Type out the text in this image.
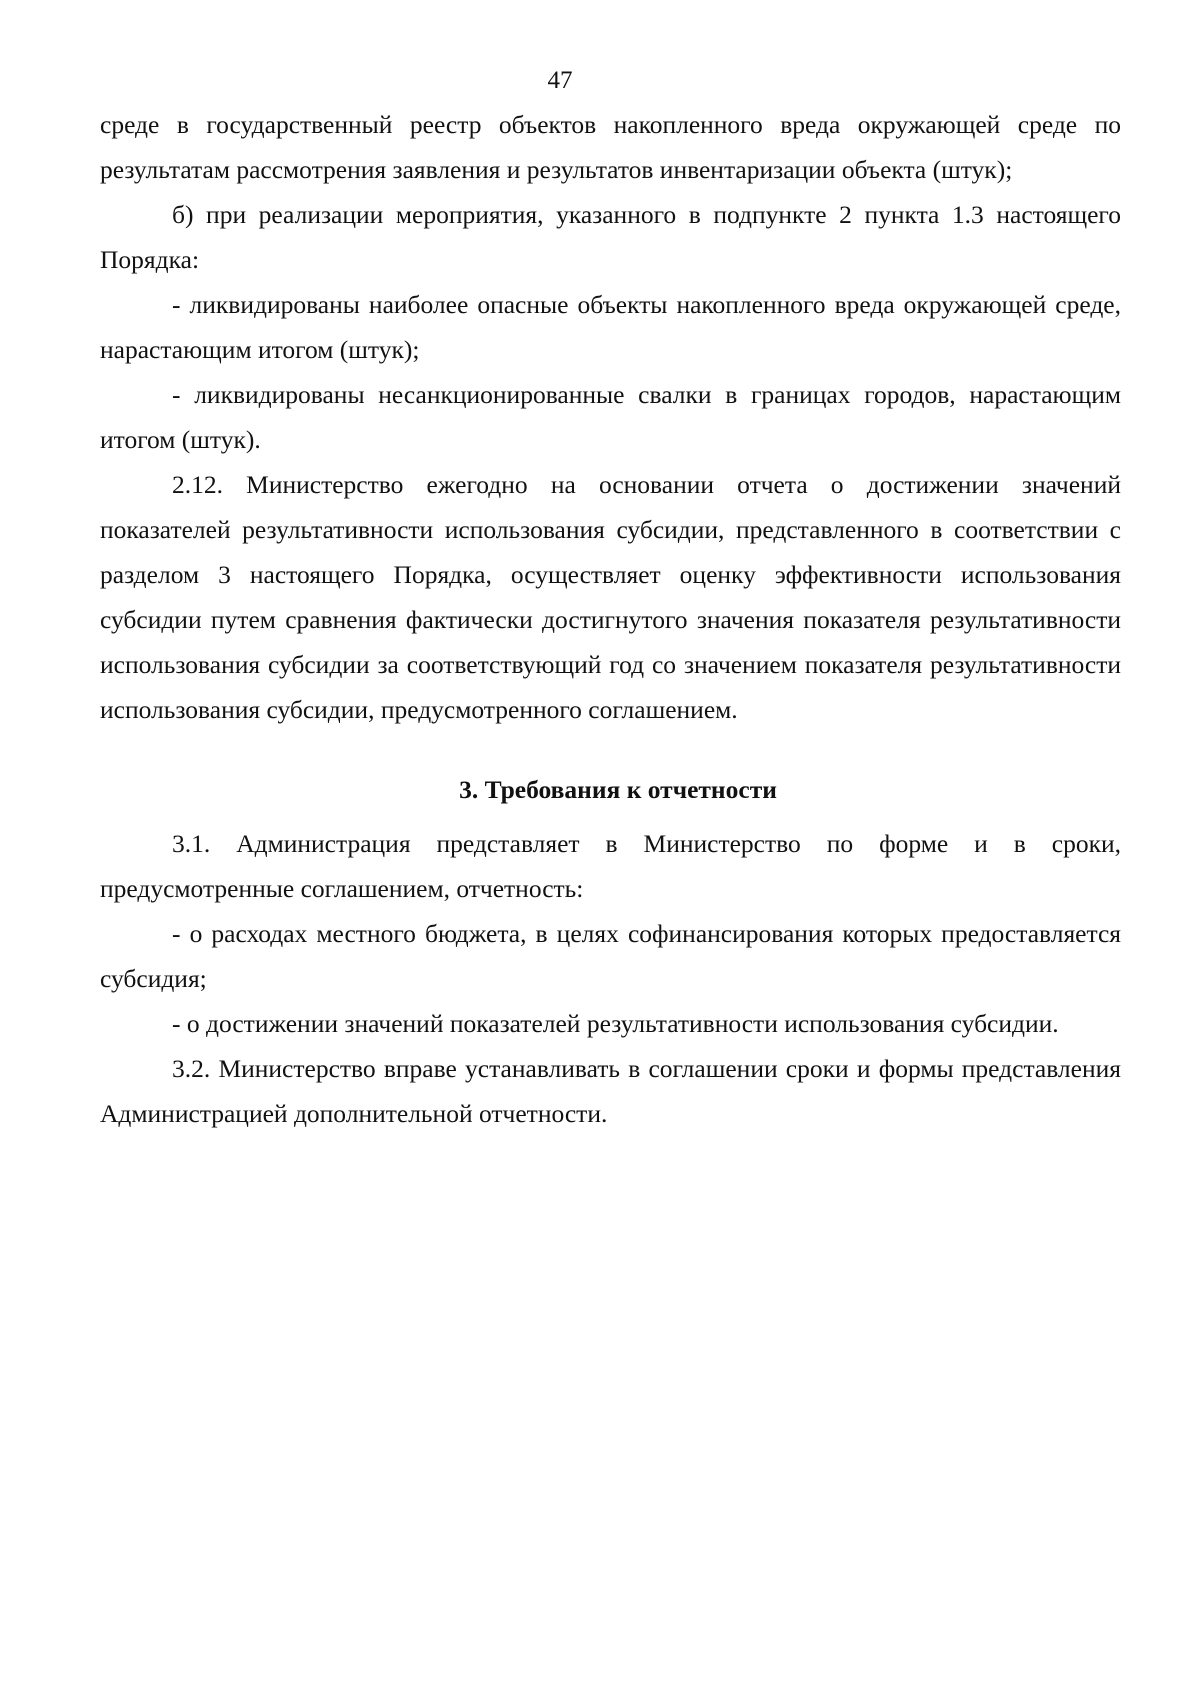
47

среде в государственный реестр объектов накопленного вреда окружающей среде по результатам рассмотрения заявления и результатов инвентаризации объекта (штук);

б) при реализации мероприятия, указанного в подпункте 2 пункта 1.3 настоящего Порядка:

- ликвидированы наиболее опасные объекты накопленного вреда окружающей среде, нарастающим итогом (штук);

- ликвидированы несанкционированные свалки в границах городов, нарастающим итогом (штук).

2.12. Министерство ежегодно на основании отчета о достижении значений показателей результативности использования субсидии, представленного в соответствии с разделом 3 настоящего Порядка, осуществляет оценку эффективности использования субсидии путем сравнения фактически достигнутого значения показателя результативности использования субсидии за соответствующий год со значением показателя результативности использования субсидии, предусмотренного соглашением.

3. Требования к отчетности

3.1. Администрация представляет в Министерство по форме и в сроки, предусмотренные соглашением, отчетность:

- о расходах местного бюджета, в целях софинансирования которых предоставляется субсидия;

- о достижении значений показателей результативности использования субсидии.

3.2. Министерство вправе устанавливать в соглашении сроки и формы представления Администрацией дополнительной отчетности.
